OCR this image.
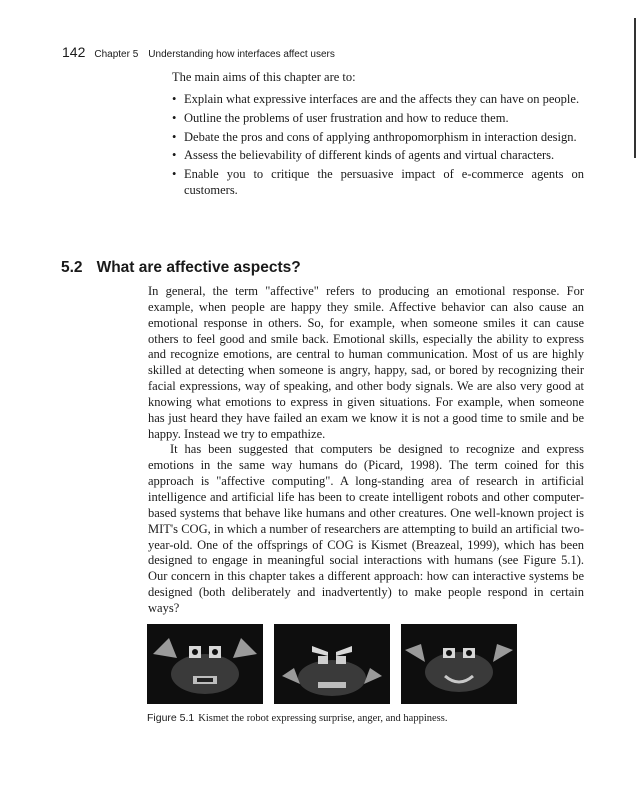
142 Chapter 5 Understanding how interfaces affect users
The main aims of this chapter are to:
• Explain what expressive interfaces are and the affects they can have on people.
• Outline the problems of user frustration and how to reduce them.
• Debate the pros and cons of applying anthropomorphism in interaction design.
• Assess the believability of different kinds of agents and virtual characters.
• Enable you to critique the persuasive impact of e-commerce agents on customers.
5.2 What are affective aspects?

In general, the term "affective" refers to producing an emotional response. For example, when people are happy they smile. Affective behavior can also cause an emotional response in others. So, for example, when someone smiles it can cause others to feel good and smile back. Emotional skills, especially the ability to express and recognize emotions, are central to human communication. Most of us are highly skilled at detecting when someone is angry, happy, sad, or bored by recognizing their facial expressions, way of speaking, and other body signals. We are also very good at knowing what emotions to express in given situations. For example, when someone has just heard they have failed an exam we know it is not a good time to smile and be happy. Instead we try to empathize.

It has been suggested that computers be designed to recognize and express emotions in the same way humans do (Picard, 1998). The term coined for this approach is "affective computing". A long-standing area of research in artificial intelligence and artificial life has been to create intelligent robots and other computer-based systems that behave like humans and other creatures. One well-known project is MIT's COG, in which a number of researchers are attempting to build an artificial two-year-old. One of the offsprings of COG is Kismet (Breazeal, 1999), which has been designed to engage in meaningful social interactions with humans (see Figure 5.1). Our concern in this chapter takes a different approach: how can interactive systems be designed (both deliberately and inadvertently) to make people respond in certain ways?

Figure 5.1 Kismet the robot expressing surprise, anger, and happiness.
